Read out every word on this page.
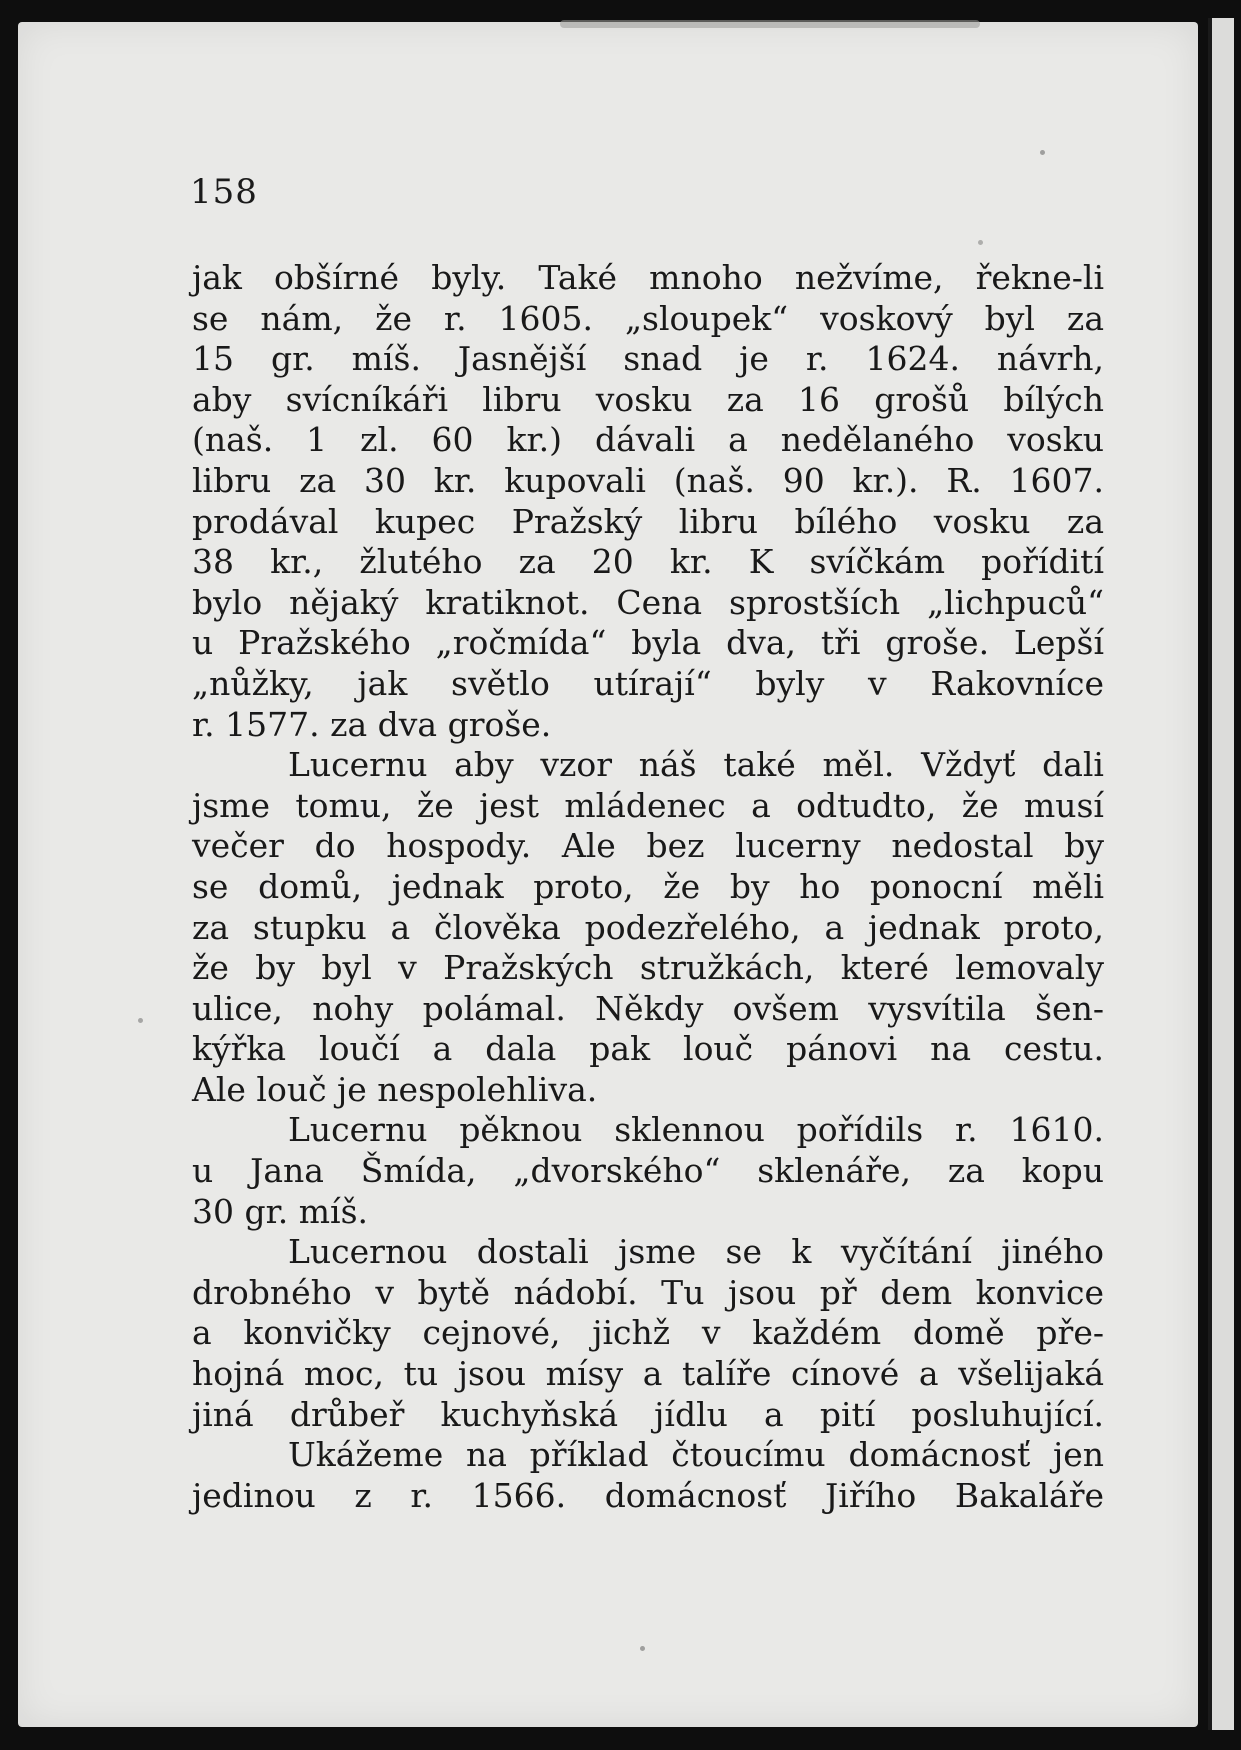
158
jak obšírné byly. Také mnoho nežvíme, řekne-li
se nám, že r. 1605. „sloupek“ voskový byl za
15 gr. míš. Jasnější snad je r. 1624. návrh,
aby svícníkáři libru vosku za 16 grošů bílých
(naš. 1 zl. 60 kr.) dávali a nedělaného vosku
libru za 30 kr. kupovali (naš. 90 kr.). R. 1607.
prodával kupec Pražský libru bílého vosku za
38 kr., žlutého za 20 kr. K svíčkám pořídití
bylo nějaký kratiknot. Cena sprostších „lichpuců“
u Pražského „ročmída“ byla dva, tři groše. Lepší
„nůžky, jak světlo utírají“ byly v Rakovníce
r. 1577. za dva groše.
Lucernu aby vzor náš také měl. Vždyť dali
jsme tomu, že jest mládenec a odtudto, že musí
večer do hospody. Ale bez lucerny nedostal by
se domů, jednak proto, že by ho ponocní měli
za stupku a člověka podezřelého, a jednak proto,
že by byl v Pražských stružkách, které lemovaly
ulice, nohy polámal. Někdy ovšem vysvítila šen-
kýřka loučí a dala pak louč pánovi na cestu.
Ale louč je nespolehliva.
Lucernu pěknou sklennou pořídils r. 1610.
u Jana Šmída, „dvorského“ sklenáře, za kopu
30 gr. míš.
Lucernou dostali jsme se k vyčítání jiného
drobného v bytě nádobí. Tu jsou př dem konvice
a konvičky cejnové, jichž v každém domě pře-
hojná moc, tu jsou mísy a talíře cínové a všelijaká
jiná drůbeř kuchyňská jídlu a pití posluhující.
Ukážeme na příklad čtoucímu domácnosť jen
jedinou z r. 1566. domácnosť Jiřího Bakaláře
